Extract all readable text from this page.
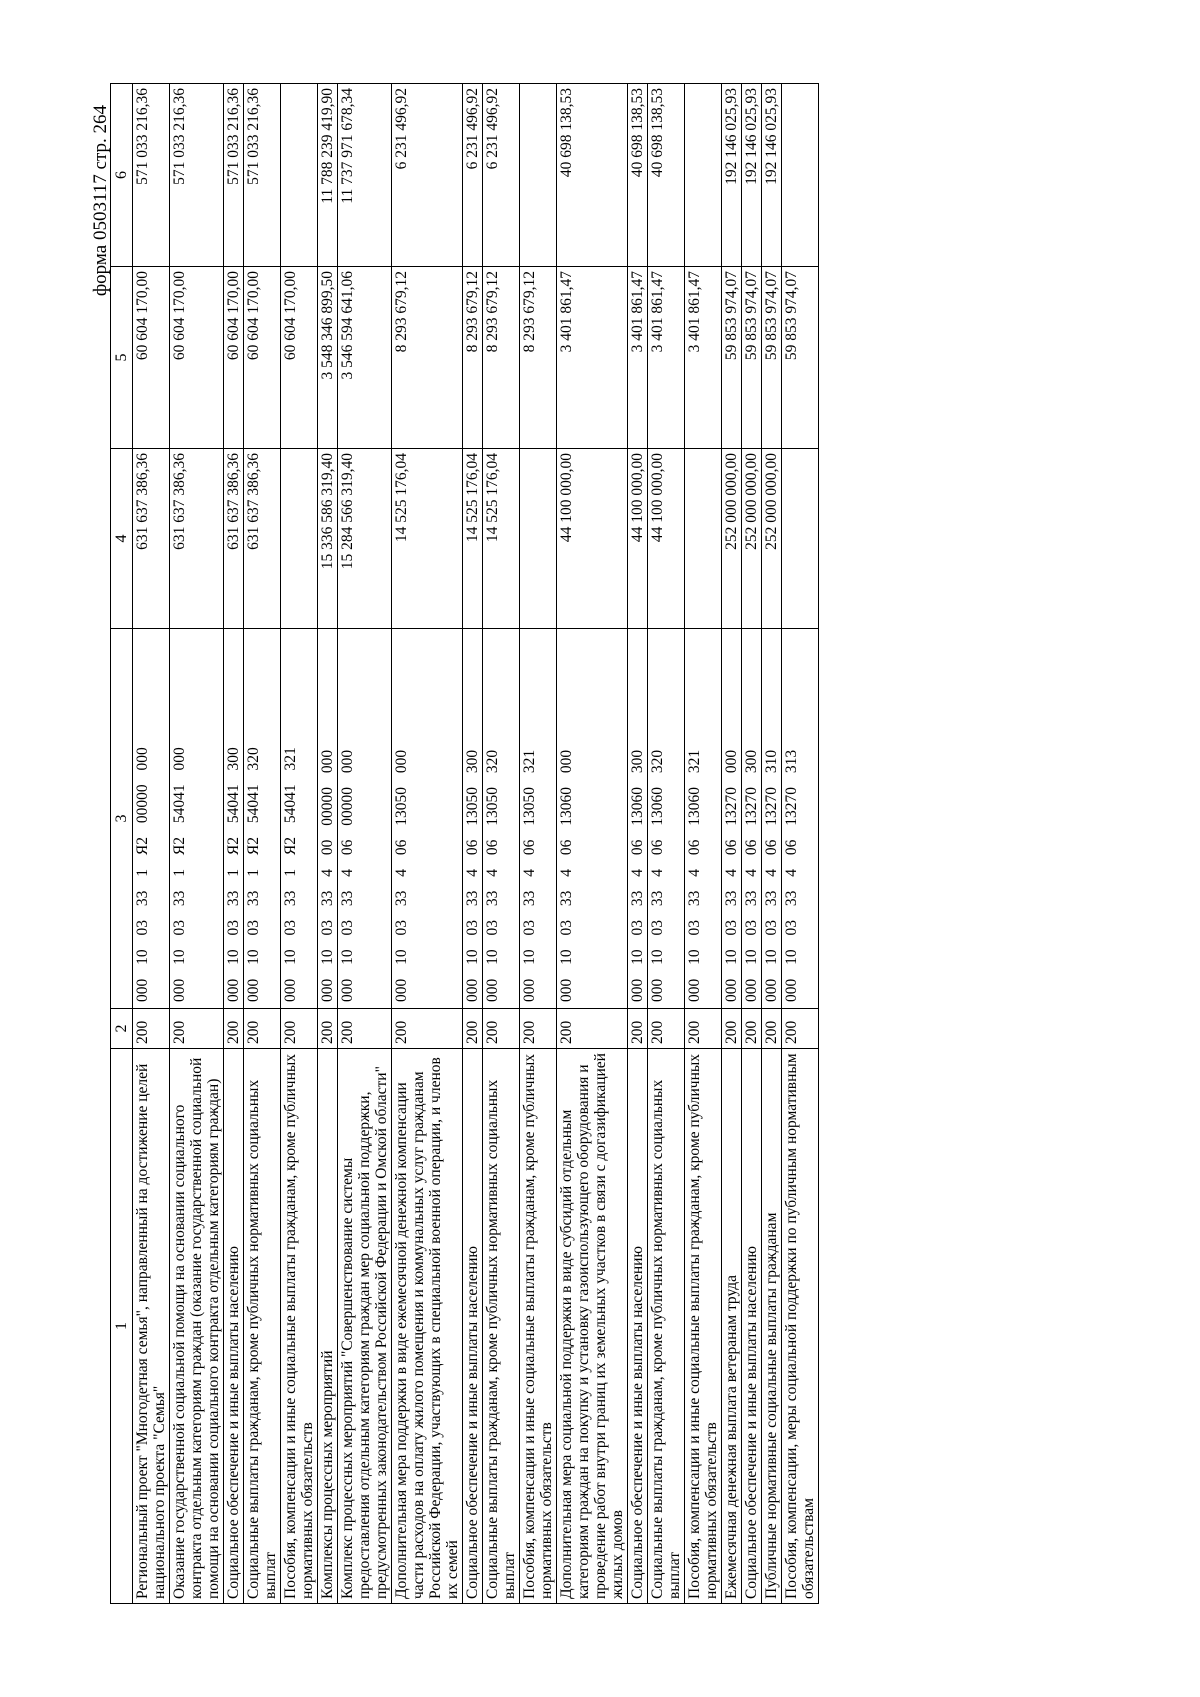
форма 0503117 стр. 264
1	2	3	4	5	6
Региональный проект "Многодетная семья", направленный на достижение целей национального проекта "Семья"	200	000 10 03 33 1 Я2 00000 000	631 637 386,36	60 604 170,00	571 033 216,36
Оказание государственной социальной помощи на основании социального контракта отдельным категориям граждан (оказание государственной социальной помощи на основании социального контракта отдельным категориям граждан)	200	000 10 03 33 1 Я2 54041 000	631 637 386,36	60 604 170,00	571 033 216,36
Социальное обеспечение и иные выплаты населению	200	000 10 03 33 1 Я2 54041 300	631 637 386,36	60 604 170,00	571 033 216,36
Социальные выплаты гражданам, кроме публичных нормативных социальных выплат	200	000 10 03 33 1 Я2 54041 320	631 637 386,36	60 604 170,00	571 033 216,36
Пособия, компенсации и иные социальные выплаты гражданам, кроме публичных нормативных обязательств	200	000 10 03 33 1 Я2 54041 321		60 604 170,00	
Комплексы процессных мероприятий	200	000 10 03 33 4 00 00000 000	15 336 586 319,40	3 548 346 899,50	11 788 239 419,90
Комплекс процессных мероприятий "Совершенствование системы предоставления отдельным категориям граждан мер социальной поддержки, предусмотренных законодательством Российской Федерации и Омской области"	200	000 10 03 33 4 06 00000 000	15 284 566 319,40	3 546 594 641,06	11 737 971 678,34
Дополнительная мера поддержки в виде ежемесячной денежной компенсации части расходов на оплату жилого помещения и коммунальных услуг гражданам Российской Федерации, участвующих в специальной военной операции, и членов их семей	200	000 10 03 33 4 06 13050 000	14 525 176,04	8 293 679,12	6 231 496,92
Социальное обеспечение и иные выплаты населению	200	000 10 03 33 4 06 13050 300	14 525 176,04	8 293 679,12	6 231 496,92
Социальные выплаты гражданам, кроме публичных нормативных социальных выплат	200	000 10 03 33 4 06 13050 320	14 525 176,04	8 293 679,12	6 231 496,92
Пособия, компенсации и иные социальные выплаты гражданам, кроме публичных нормативных обязательств	200	000 10 03 33 4 06 13050 321		8 293 679,12	
Дополнительная мера социальной поддержки в виде субсидий отдельным категориям граждан на покупку и установку газоиспользующего оборудования и проведение работ внутри границ их земельных участков в связи с догазификацией жилых домов	200	000 10 03 33 4 06 13060 000	44 100 000,00	3 401 861,47	40 698 138,53
Социальное обеспечение и иные выплаты населению	200	000 10 03 33 4 06 13060 300	44 100 000,00	3 401 861,47	40 698 138,53
Социальные выплаты гражданам, кроме публичных нормативных социальных выплат	200	000 10 03 33 4 06 13060 320	44 100 000,00	3 401 861,47	40 698 138,53
Пособия, компенсации и иные социальные выплаты гражданам, кроме публичных нормативных обязательств	200	000 10 03 33 4 06 13060 321		3 401 861,47	
Ежемесячная денежная выплата ветеранам труда	200	000 10 03 33 4 06 13270 000	252 000 000,00	59 853 974,07	192 146 025,93
Социальное обеспечение и иные выплаты населению	200	000 10 03 33 4 06 13270 300	252 000 000,00	59 853 974,07	192 146 025,93
Публичные нормативные социальные выплаты гражданам	200	000 10 03 33 4 06 13270 310	252 000 000,00	59 853 974,07	192 146 025,93
Пособия, компенсации, меры социальной поддержки по публичным нормативным обязательствам	200	000 10 03 33 4 06 13270 313		59 853 974,07	
